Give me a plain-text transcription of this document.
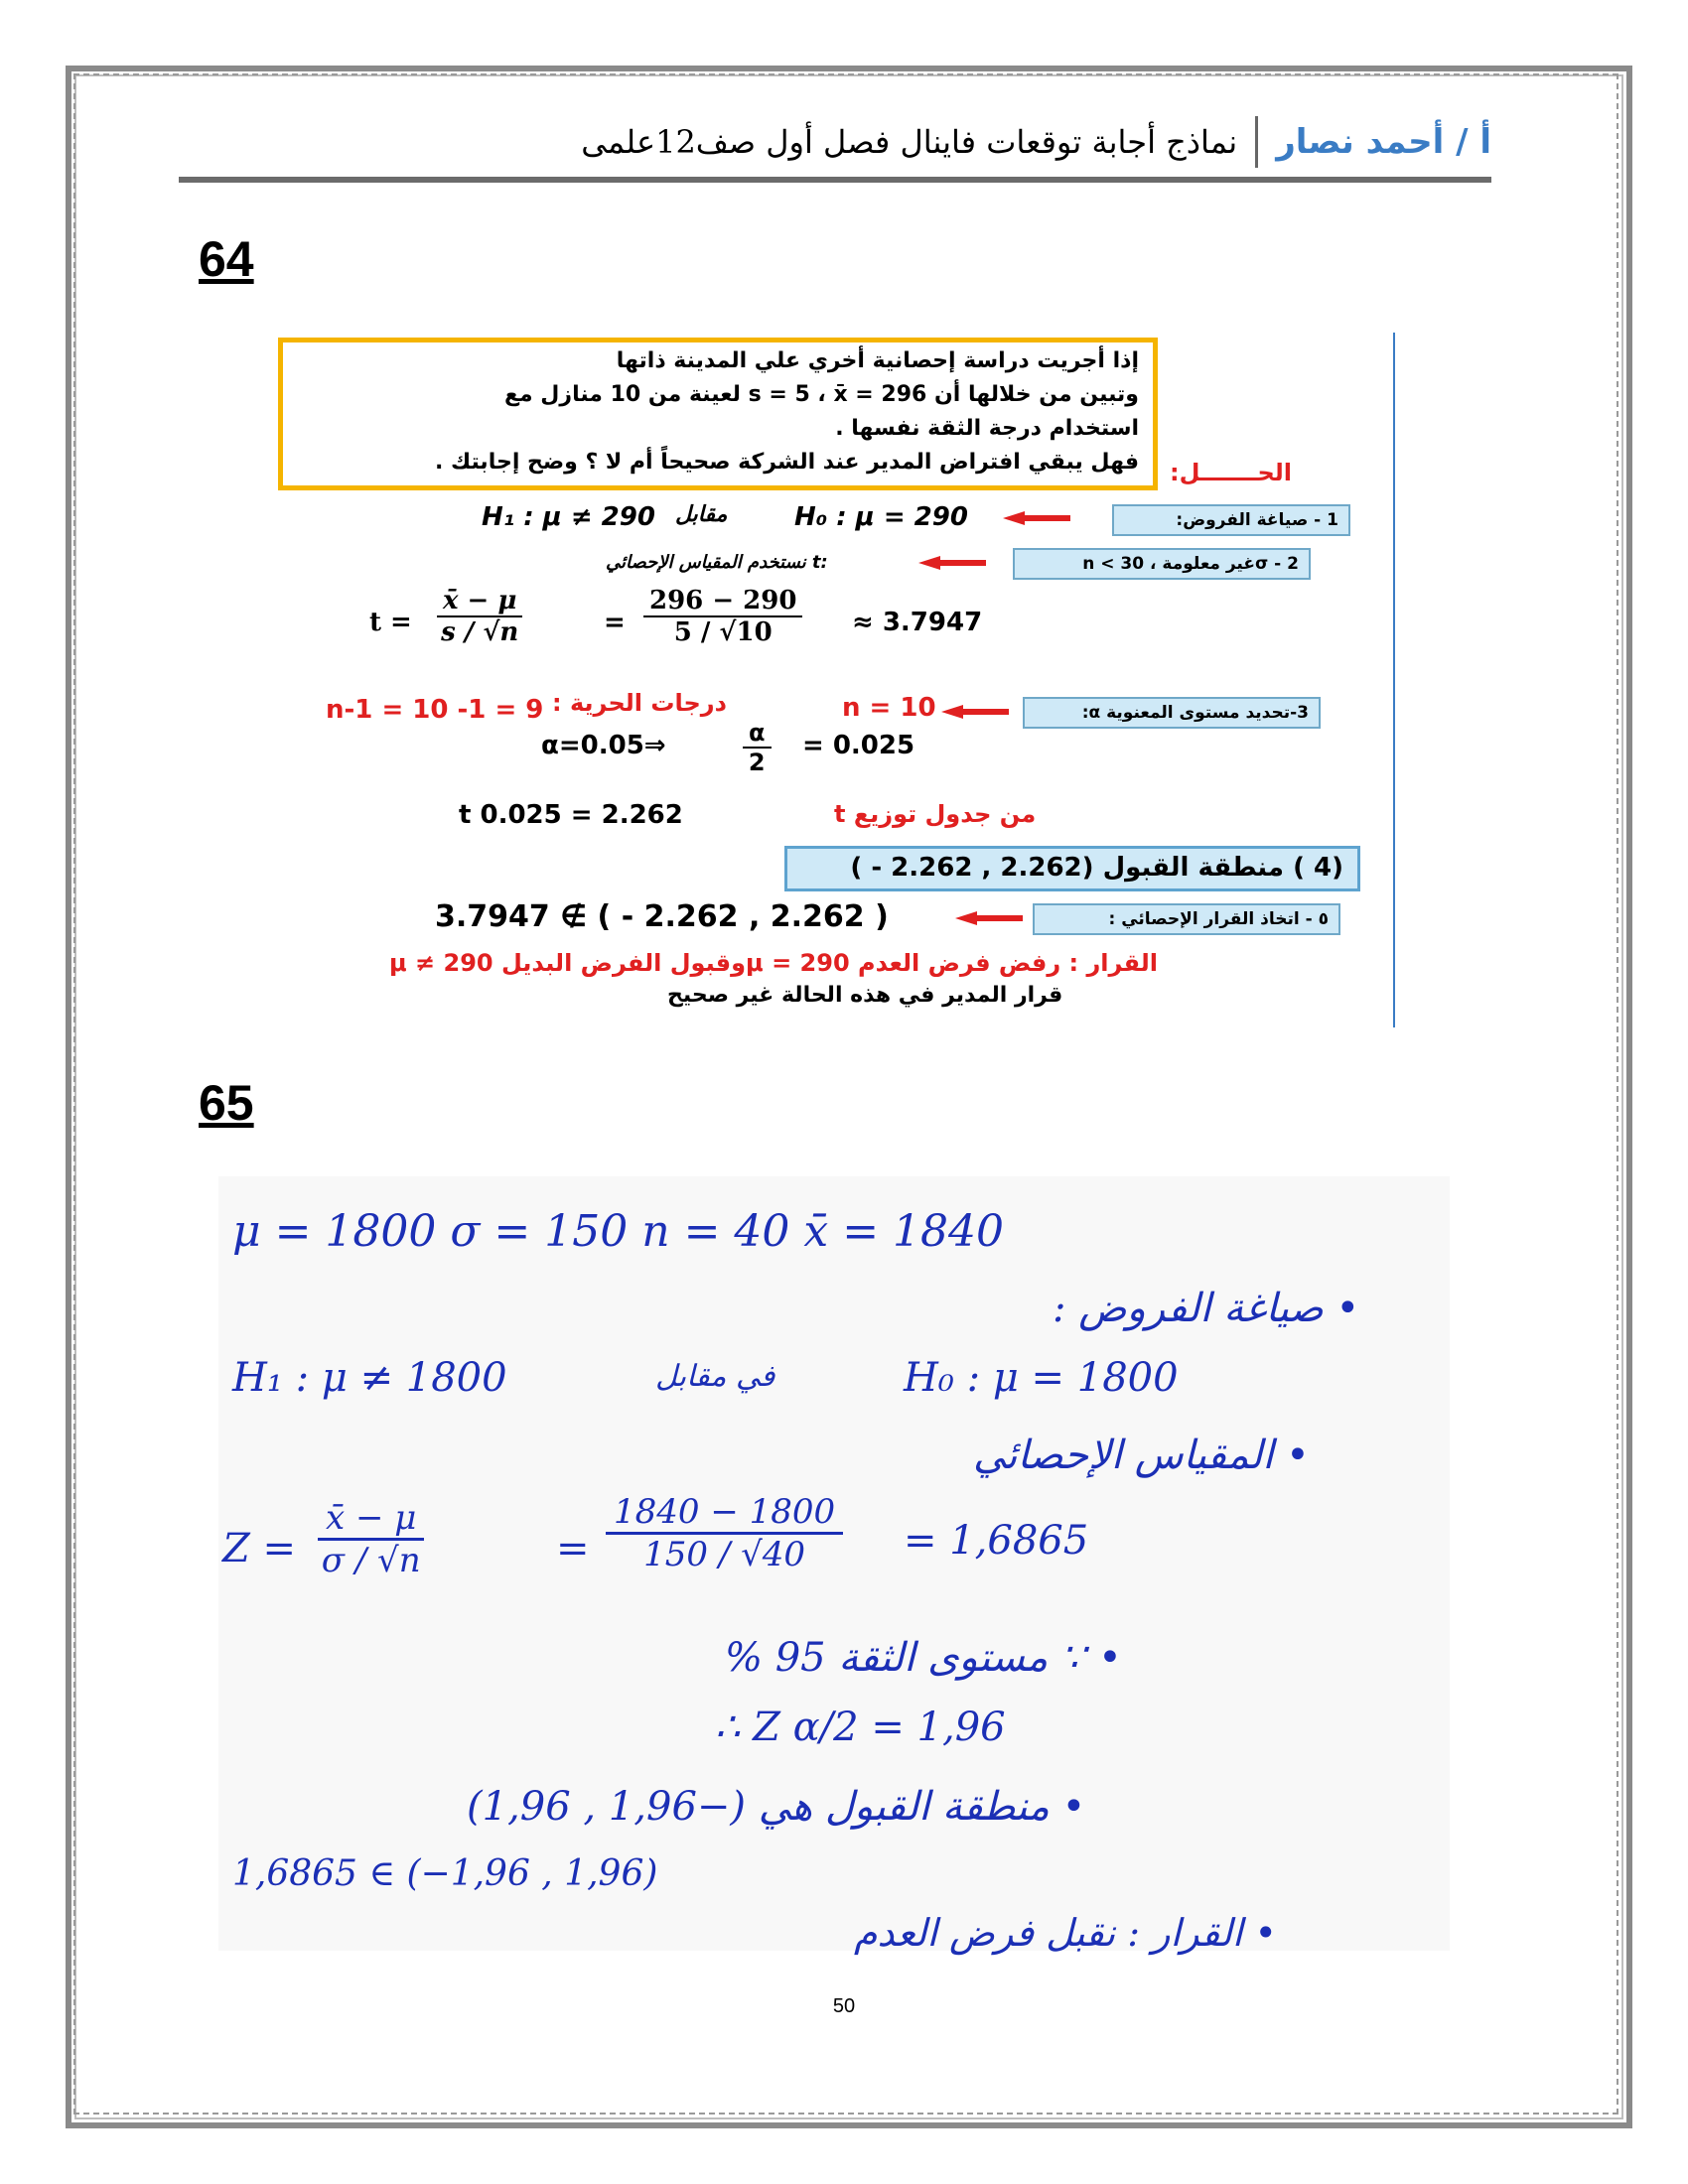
أ / أحمد نصار
نماذج أجابة توقعات فاينال فصل أول صف12علمى
64
إذا أجريت دراسة إحصانية أخري علي المدينة ذاتها
وتبين من خلالها أن s = 5 ، x̄ = 296 لعينة من 10 منازل مع
استخدام درجة الثقة نفسها .
فهل يبقي افتراض المدير عند الشركة صحيحاً أم لا ؟ وضح إجابتك . الحـــــــل:
1 - صياغة الفروض:
H₀ : μ = 290
مقابل
H₁ : μ ≠ 290
2 - σغير معلومة ، n < 30
نستخدم المقياس الإحصائي t:
$t = \frac{x̄ - \mu}{s / √n}$	= $\frac{296 - 290}{5 / √10} \approx 3.7947$
3-تحديد مستوى المعنوية α:
n = 10
درجات الحرية :
n-1 = 10 -1 = 9
α=0.05⇒	$\frac{\alpha}{2} = 0.025$
t 0.025 = 2.262	من جدول توزيع t
(4 ) منطقة القبول (2.262 , 2.262 - )
٥ - اتخاذ القرار الإحصائي :
3.7947 ∉ ( - 2.262 , 2.262 )
القرار : رفض فرض العدم 290 = μوقبول الفرض البديل 290 ≠ μ
قرار المدير في هذه الحالة غير صحيح
65
μ = 1800 σ = 150 n = 40 x̄ = 1840
• صياغة الفروض :
H₁ : μ ≠ 1800	في مقابل	H₀ : μ = 1800
• المقياس الإحصائي
$Z = \frac{x̄ - \mu}{\sigma / √n}$	= $\frac{1840 - 1800}{150 / √40} = 1,6865$
• ∵ مستوى الثقة 95 %
∴ Z α/2 = 1,96
• منطقة القبول هي (−1,96 , 1,96)
1,6865 ∈ (−1,96 , 1,96)
• القرار : نقبل فرض العدم
50
